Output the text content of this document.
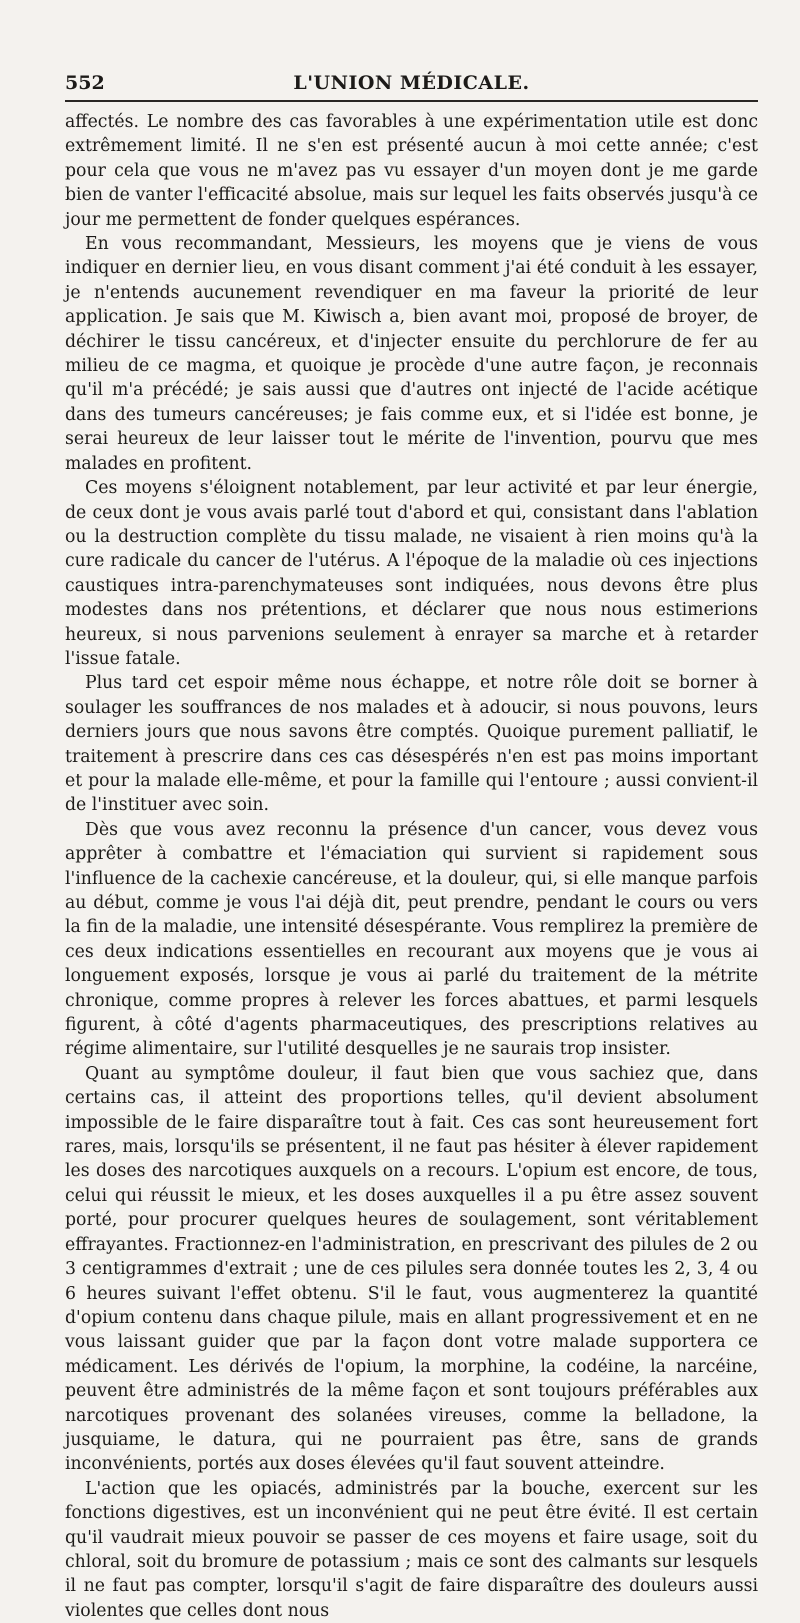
552	L'UNION MÉDICALE.

affectés. Le nombre des cas favorables à une expérimentation utile est donc extrêmement limité. Il ne s'en est présenté aucun à moi cette année; c'est pour cela que vous ne m'avez pas vu essayer d'un moyen dont je me garde bien de vanter l'efficacité absolue, mais sur lequel les faits observés jusqu'à ce jour me permettent de fonder quelques espérances.

En vous recommandant, Messieurs, les moyens que je viens de vous indiquer en dernier lieu, en vous disant comment j'ai été conduit à les essayer, je n'entends aucunement revendiquer en ma faveur la priorité de leur application. Je sais que M. Kiwisch a, bien avant moi, proposé de broyer, de déchirer le tissu cancéreux, et d'injecter ensuite du perchlorure de fer au milieu de ce magma, et quoique je procède d'une autre façon, je reconnais qu'il m'a précédé; je sais aussi que d'autres ont injecté de l'acide acétique dans des tumeurs cancéreuses; je fais comme eux, et si l'idée est bonne, je serai heureux de leur laisser tout le mérite de l'invention, pourvu que mes malades en profitent.

Ces moyens s'éloignent notablement, par leur activité et par leur énergie, de ceux dont je vous avais parlé tout d'abord et qui, consistant dans l'ablation ou la destruction complète du tissu malade, ne visaient à rien moins qu'à la cure radicale du cancer de l'utérus. A l'époque de la maladie où ces injections caustiques intra-parenchymateuses sont indiquées, nous devons être plus modestes dans nos prétentions, et déclarer que nous nous estimerions heureux, si nous parvenions seulement à enrayer sa marche et à retarder l'issue fatale.

Plus tard cet espoir même nous échappe, et notre rôle doit se borner à soulager les souffrances de nos malades et à adoucir, si nous pouvons, leurs derniers jours que nous savons être comptés. Quoique purement palliatif, le traitement à prescrire dans ces cas désespérés n'en est pas moins important et pour la malade elle-même, et pour la famille qui l'entoure ; aussi convient-il de l'instituer avec soin.

Dès que vous avez reconnu la présence d'un cancer, vous devez vous apprêter à combattre et l'émaciation qui survient si rapidement sous l'influence de la cachexie cancéreuse, et la douleur, qui, si elle manque parfois au début, comme je vous l'ai déjà dit, peut prendre, pendant le cours ou vers la fin de la maladie, une intensité désespérante. Vous remplirez la première de ces deux indications essentielles en recourant aux moyens que je vous ai longuement exposés, lorsque je vous ai parlé du traitement de la métrite chronique, comme propres à relever les forces abattues, et parmi lesquels figurent, à côté d'agents pharmaceutiques, des prescriptions relatives au régime alimentaire, sur l'utilité desquelles je ne saurais trop insister.

Quant au symptôme douleur, il faut bien que vous sachiez que, dans certains cas, il atteint des proportions telles, qu'il devient absolument impossible de le faire disparaître tout à fait. Ces cas sont heureusement fort rares, mais, lorsqu'ils se présentent, il ne faut pas hésiter à élever rapidement les doses des narcotiques auxquels on a recours. L'opium est encore, de tous, celui qui réussit le mieux, et les doses auxquelles il a pu être assez souvent porté, pour procurer quelques heures de soulagement, sont véritablement effrayantes. Fractionnez-en l'administration, en prescrivant des pilules de 2 ou 3 centigrammes d'extrait ; une de ces pilules sera donnée toutes les 2, 3, 4 ou 6 heures suivant l'effet obtenu. S'il le faut, vous augmenterez la quantité d'opium contenu dans chaque pilule, mais en allant progressivement et en ne vous laissant guider que par la façon dont votre malade supportera ce médicament. Les dérivés de l'opium, la morphine, la codéine, la narcéine, peuvent être administrés de la même façon et sont toujours préférables aux narcotiques provenant des solanées vireuses, comme la belladone, la jusquiame, le datura, qui ne pourraient pas être, sans de grands inconvénients, portés aux doses élevées qu'il faut souvent atteindre.

L'action que les opiacés, administrés par la bouche, exercent sur les fonctions digestives, est un inconvénient qui ne peut être évité. Il est certain qu'il vaudrait mieux pouvoir se passer de ces moyens et faire usage, soit du chloral, soit du bromure de potassium ; mais ce sont des calmants sur lesquels il ne faut pas compter, lorsqu'il s'agit de faire disparaître des douleurs aussi violentes que celles dont nous
